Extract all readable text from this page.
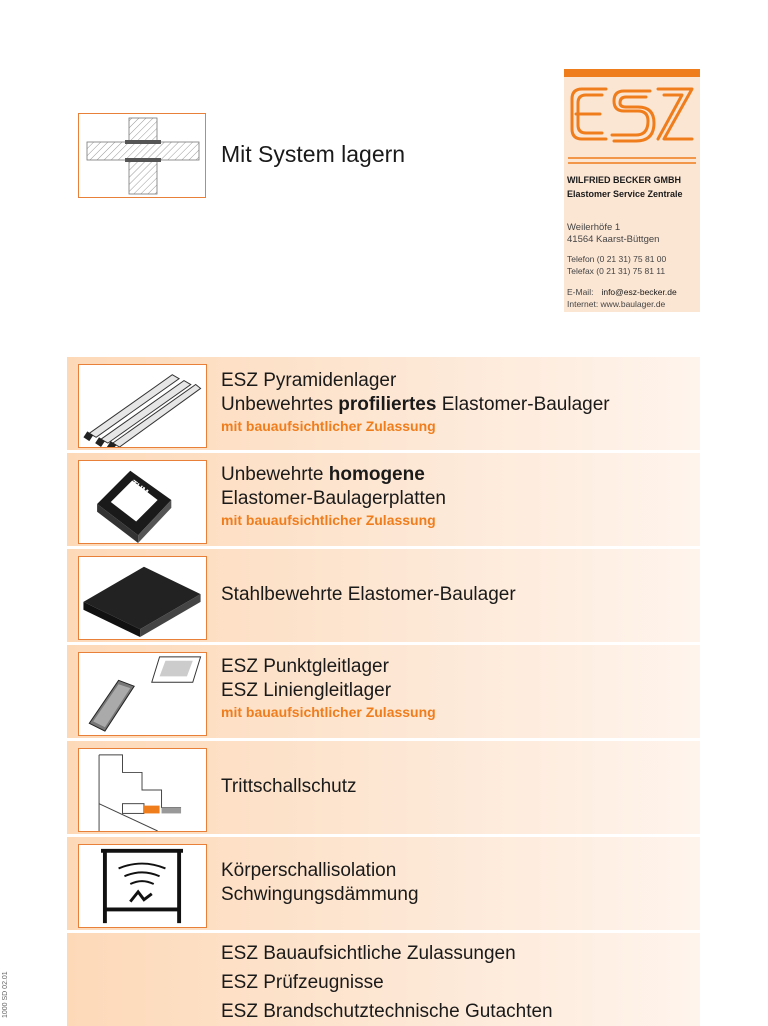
Mit System lagern
WILFRIED BECKER GMBH
Elastomer Service Zentrale
Weilerhöfe 1
41564 Kaarst-Büttgen
Telefon (0 21 31) 75 81 00
Telefax (0 21 31) 75 81 11
E-Mail: info@esz-becker.de
Internet: www.baulager.de
ESZ Pyramidenlager
Unbewehrtes profiliertes Elastomer-Baulager
mit bauaufsichtlicher Zulassung
TUM
Unbewehrte homogene
Elastomer-Baulagerplatten
mit bauaufsichtlicher Zulassung
Stahlbewehrte Elastomer-Baulager
ESZ Punktgleitlager
ESZ Liniengleitlager
mit bauaufsichtlicher Zulassung
Trittschallschutz
Körperschallisolation
Schwingungsdämmung
ESZ Bauaufsichtliche Zulassungen
ESZ Prüfzeugnisse
ESZ Brandschutztechnische Gutachten
1000 SD 02.01
